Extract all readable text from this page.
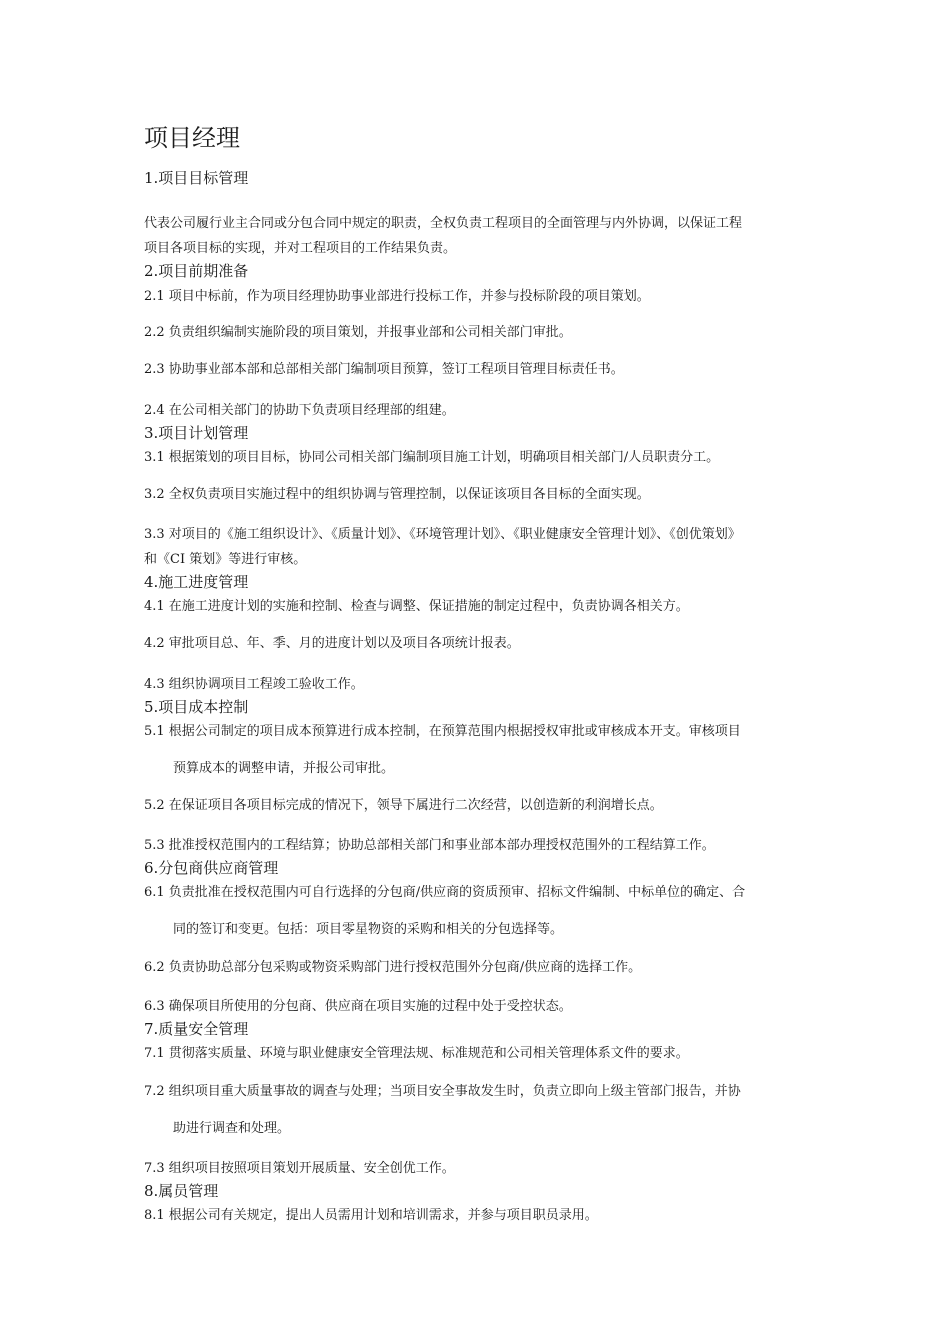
项目经理
1.项目目标管理
代表公司履行业主合同或分包合同中规定的职责，全权负责工程项目的全面管理与内外协调，以保证工程
项目各项目标的实现，并对工程项目的工作结果负责。
2.项目前期准备
2.1 项目中标前，作为项目经理协助事业部进行投标工作，并参与投标阶段的项目策划。
2.2 负责组织编制实施阶段的项目策划，并报事业部和公司相关部门审批。
2.3 协助事业部本部和总部相关部门编制项目预算，签订工程项目管理目标责任书。
2.4 在公司相关部门的协助下负责项目经理部的组建。
3.项目计划管理
3.1 根据策划的项目目标，协同公司相关部门编制项目施工计划，明确项目相关部门/人员职责分工。
3.2 全权负责项目实施过程中的组织协调与管理控制，以保证该项目各目标的全面实现。
3.3 对项目的《施工组织设计》、《质量计划》、《环境管理计划》、《职业健康安全管理计划》、《创优策划》
和《CI 策划》等进行审核。
4.施工进度管理
4.1 在施工进度计划的实施和控制、检查与调整、保证措施的制定过程中，负责协调各相关方。
4.2 审批项目总、年、季、月的进度计划以及项目各项统计报表。
4.3 组织协调项目工程竣工验收工作。
5.项目成本控制
5.1 根据公司制定的项目成本预算进行成本控制，在预算范围内根据授权审批或审核成本开支。审核项目
预算成本的调整申请，并报公司审批。
5.2 在保证项目各项目标完成的情况下，领导下属进行二次经营，以创造新的利润增长点。
5.3 批准授权范围内的工程结算；协助总部相关部门和事业部本部办理授权范围外的工程结算工作。
6.分包商供应商管理
6.1 负责批准在授权范围内可自行选择的分包商/供应商的资质预审、招标文件编制、中标单位的确定、合
同的签订和变更。包括：项目零星物资的采购和相关的分包选择等。
6.2 负责协助总部分包采购或物资采购部门进行授权范围外分包商/供应商的选择工作。
6.3 确保项目所使用的分包商、供应商在项目实施的过程中处于受控状态。
7.质量安全管理
7.1 贯彻落实质量、环境与职业健康安全管理法规、标准规范和公司相关管理体系文件的要求。
7.2 组织项目重大质量事故的调查与处理；当项目安全事故发生时，负责立即向上级主管部门报告，并协
助进行调查和处理。
7.3 组织项目按照项目策划开展质量、安全创优工作。
8.属员管理
8.1 根据公司有关规定，提出人员需用计划和培训需求，并参与项目职员录用。
